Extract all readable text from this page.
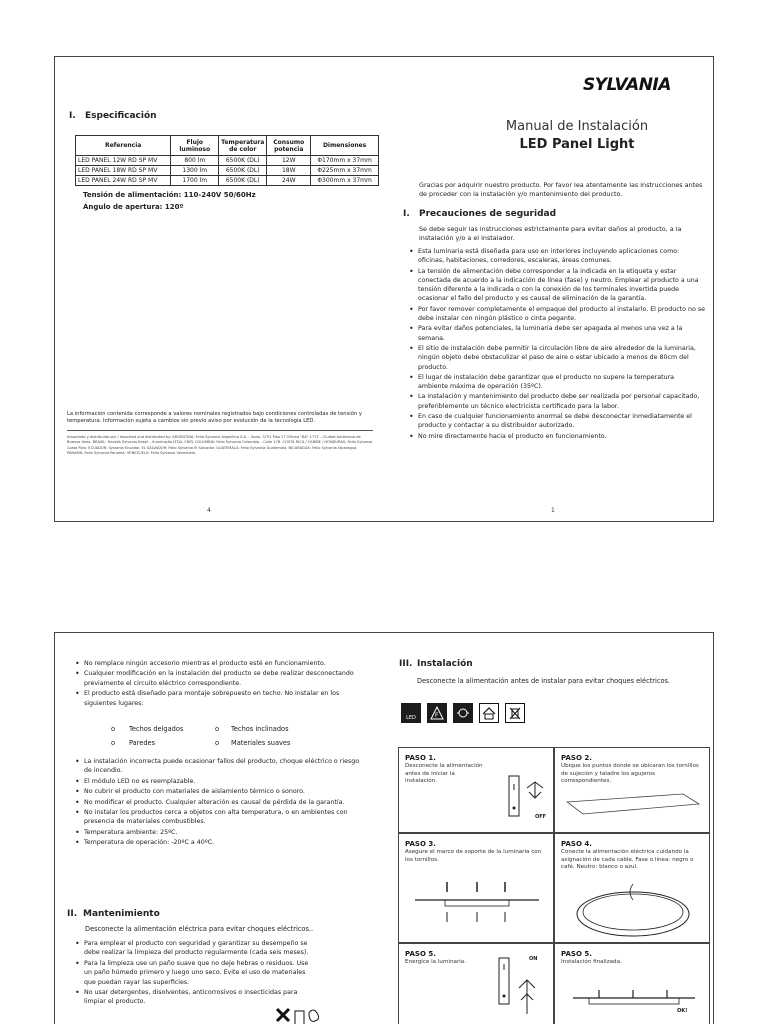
I. Especificación
Referencia	Flujo luminoso	Temperatura de color	Consumo potencia	Dimensiones
LED PANEL 12W RD SP MV	800 lm	6500K (DL)	12W	Φ170mm x 37mm
LED PANEL 18W RD SP MV	1300 lm	6500K (DL)	18W	Φ225mm x 37mm
LED PANEL 24W RD SP MV	1700 lm	6500K (DL)	24W	Φ300mm x 37mm
Tensión de alimentación: 110-240V 50/60Hz
Ángulo de apertura: 120º
La información contenida corresponde a valores nominales registrados bajo condiciones controladas de tensión y temperatura. Información sujeta a cambios sin previo aviso por evolución de la tecnología LED.
Importado y distribuido por / Imported and distributed by: ARGENTINA: Feilo Sylvania Argentina S.A. – Avda. 3751 Piso 17 Oficina "BA" 1772 – Ciudad Autónoma de Buenos Aires. BRASIL: Havells Sylvania Brasil – Iluminação LTDA. CNPJ. COLOMBIA: Feilo Sylvania Colombia – Calle 17B. COSTA RICA / CARIBE / HONDURAS: Feilo Sylvania Costa Rica. ECUADOR: Sylvania Ecuador. EL SALVADOR: Feilo Sylvania El Salvador. GUATEMALA: Feilo Sylvania Guatemala. NICARAGUA: Feilo Sylvania Nicaragua. PANAMÁ: Feilo Sylvania Panamá. VENEZUELA: Feilo Sylvania Venezuela.
4
SYLVANIA
Manual de Instalación
LED Panel Light
Gracias por adquirir nuestro producto. Por favor lea atentamente las instrucciones antes de proceder con la instalación y/o mantenimiento del producto.
I. Precauciones de seguridad
Se debe seguir las instrucciones estrictamente para evitar daños al producto, a la instalación y/o a el instalador.
• Esta luminaria está diseñada para uso en interiores incluyendo aplicaciones como: oficinas, habitaciones, corredores, escaleras, áreas comunes.
• La tensión de alimentación debe corresponder a la indicada en la etiqueta y estar conectada de acuerdo a la indicación de línea (fase) y neutro. Emplear al producto a una tensión diferente a la indicada o con la conexión de los terminales invertida puede ocasionar el fallo del producto y es causal de eliminación de la garantía.
• Por favor remover completamente el empaque del producto al instalarlo. El producto no se debe instalar con ningún plástico o cinta pegante.
• Para evitar daños potenciales, la luminaria debe ser apagada al menos una vez a la semana.
• El sitio de instalación debe permitir la circulación libre de aire alrededor de la luminaria, ningún objeto debe obstaculizar el paso de aire o estar ubicado a menos de 80cm del producto.
• El lugar de instalación debe garantizar que el producto no supere la temperatura ambiente máxima de operación (35ºC).
• La instalación y mantenimiento del producto debe ser realizada por personal capacitado, preferiblemente un técnico electricista certificado para la labor.
• En caso de cualquier funcionamiento anormal se debe desconectar inmediatamente el producto y contactar a su distribuidor autorizado.
• No mire directamente hacia el producto en funcionamiento.
1
• No remplace ningún accesorio mientras el producto esté en funcionamiento.
• Cualquier modificación en la instalación del producto se debe realizar desconectando previamente el circuito eléctrico correspondiente.
• El producto está diseñado para montaje sobrepuesto en techo. No instalar en los siguientes lugares:
o Techos delgados	o Techos inclinados
o Paredes	o Materiales suaves
• La instalación incorrecta puede ocasionar fallos del producto, choque eléctrico o riesgo de incendio.
• El módulo LED no es reemplazable.
• No cubrir el producto con materiales de aislamiento térmico o sonoro.
• No modificar el producto. Cualquier alteración es causal de pérdida de la garantía.
• No instalar los productos cerca a objetos con alta temperatura, o en ambientes con presencia de materiales combustibles.
• Temperatura ambiente: 25ºC.
• Temperatura de operación: -20ºC a 40ºC.
II. Mantenimiento
Desconecte la alimentación eléctrica para evitar choques eléctricos..
• Para emplear el producto con seguridad y garantizar su desempeño se debe realizar la limpieza del producto regularmente (cada seis meses).
• Para la limpieza use un paño suave que no deje hebras o residuos. Use un paño húmedo primero y luego uno seco. Evite el uso de materiales que puedan rayar las superficies.
• No usar detergentes, disolventes, anticorrosivos o insecticidas para limpiar el producto.
III. Instalación
Desconecte la alimentación antes de instalar para evitar choques eléctricos.
LED	F
PASO 1.
Desconecte la alimentación antes de iniciar la instalación.
OFF
PASO 2.
Ubique los puntos donde se ubicaran los tornillos de sujeción y taladre los agujeros correspondientes.
PASO 3.
Asegure el marco de soporte de la luminaria con los tornillos.
PASO 4.
Conecte la alimentación eléctrica cuidando la asignación de cada cable. Fase o línea: negro o café. Neutro: blanco o azul.
PASO 5.
Energice la luminaria.	ON
PASO 5.
Instalación finalizada.
OK!
